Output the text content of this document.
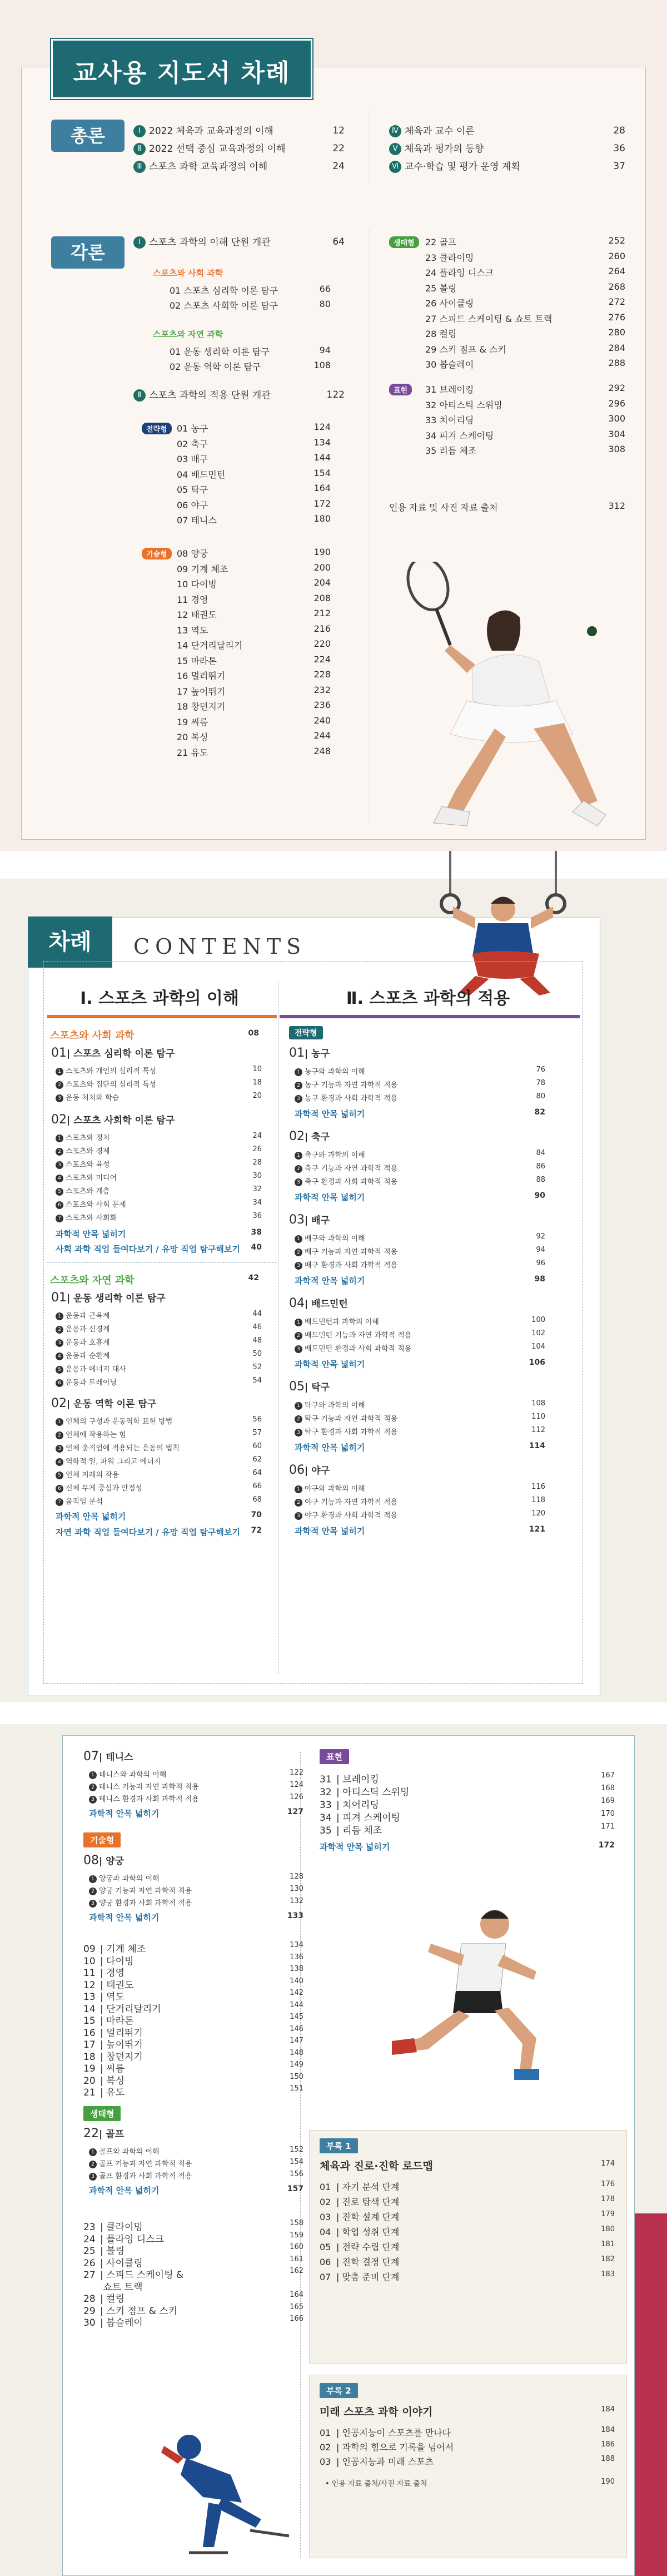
교사용 지도서 차례
총론
각론
Ⅰ 2022 체육과 교육과정의 이해	12
Ⅱ 2022 선택 중심 교육과정의 이해	22
Ⅲ 스포츠 과학 교육과정의 이해	24
Ⅳ 체육과 교수 이론	28
Ⅴ 체육과 평가의 동향	36
Ⅵ 교수·학습 및 평가 운영 계획	37
Ⅰ 스포츠 과학의 이해 단원 개관	64
스포츠와 사회 과학
01 스포츠 심리학 이론 탐구	66
02 스포츠 사회학 이론 탐구	80
스포츠와 자연 과학
01 운동 생리학 이론 탐구	94
02 운동 역학 이론 탐구	108
Ⅱ 스포츠 과학의 적용 단원 개관	122
전략형	01 농구	124
02 축구	134
03 배구	144
04 배드민턴	154
05 탁구	164
06 야구	172
07 테니스	180
기술형	08 양궁	190
09 기계 체조	200
10 다이빙	204
11 경영	208
12 태권도	212
13 역도	216
14 단거리달리기	220
15 마라톤	224
16 멀리뛰기	228
17 높이뛰기	232
18 창던지기	236
19 씨름	240
20 복싱	244
21 유도	248
생태형	22 골프	252
23 클라이밍	260
24 플라잉 디스크	264
25 볼링	268
26 사이클링	272
27 스피드 스케이팅 & 쇼트 트랙	276
28 컬링	280
29 스키 점프 & 스키	284
30 봅슬레이	288
표현	31 브레이킹	292
32 아티스틱 스위밍	296
33 치어리딩	300
34 피겨 스케이팅	304
35 리듬 체조	308
인용 자료 및 사진 자료 출처	312
차례	CONTENTS
Ⅰ. 스포츠 과학의 이해	Ⅱ. 스포츠 과학의 적용
스포츠와 사회 과학	08
01| 스포츠 심리학 이론 탐구
1 스포츠와 개인의 심리적 특성	10
2 스포츠와 집단의 심리적 특성	18
3 운동 처치와 학습	20
02| 스포츠 사회학 이론 탐구
1 스포츠와 정치	24
2 스포츠와 경제	26
3 스포츠와 육성	28
4 스포츠와 미디어	30
5 스포츠와 계층	32
6 스포츠와 사회 문제	34
7 스포츠와 사회화	36
과학적 안목 넓히기	38
사회 과학 직업 들여다보기 / 유망 직업 탐구해보기	40
스포츠와 자연 과학	42
01| 운동 생리학 이론 탐구
1 운동과 근육계	44
2 운동과 신경계	46
3 운동과 호흡계	48
4 운동과 순환계	50
5 운동과 에너지 대사	52
6 운동과 트레이닝	54
02| 운동 역학 이론 탐구
1 인체의 구성과 운동역학 표현 방법	56
2 인체에 작용하는 힘	57
3 인체 움직임에 적용되는 운동의 법칙	60
4 역학적 일, 파워 그리고 에너지	62
5 인체 지레의 작용	64
6 신체 무게 중심과 안정성	66
7 움직임 분석	68
과학적 안목 넓히기	70
자연 과학 직업 들여다보기 / 유망 직업 탐구해보기	72
전략형
01| 농구
1 농구와 과학의 이해	76
2 농구 기능과 자연 과학적 적용	78
3 농구 환경과 사회 과학적 적용	80
과학적 안목 넓히기	82
02| 축구
1 축구와 과학의 이해	84
2 축구 기능과 자연 과학적 적용	86
3 축구 환경과 사회 과학적 적용	88
과학적 안목 넓히기	90
03| 배구
1 배구와 과학의 이해	92
2 배구 기능과 자연 과학적 적용	94
3 배구 환경과 사회 과학적 적용	96
과학적 안목 넓히기	98
04| 배드민턴
1 배드민턴과 과학의 이해	100
2 배드민턴 기능과 자연 과학적 적용	102
3 배드민턴 환경과 사회 과학적 적용	104
과학적 안목 넓히기	106
05| 탁구
1 탁구와 과학의 이해	108
2 탁구 기능과 자연 과학적 적용	110
3 탁구 환경과 사회 과학적 적용	112
과학적 안목 넓히기	114
06| 야구
1 야구와 과학의 이해	116
2 야구 기능과 자연 과학적 적용	118
3 야구 환경과 사회 과학적 적용	120
과학적 안목 넓히기	121
07| 테니스
1 테니스와 과학의 이해	122
2 테니스 기능과 자연 과학적 적용	124
3 테니스 환경과 사회 과학적 적용	126
과학적 안목 넓히기	127
기술형
08| 양궁
1 양궁과 과학의 이해	128
2 양궁 기능과 자연 과학적 적용	130
3 양궁 환경과 사회 과학적 적용	132
과학적 안목 넓히기	133
09 | 기계 체조	134
10 | 다이빙	136
11 | 경영	138
12 | 태권도	140
13 | 역도	142
14 | 단거리달리기	144
15 | 마라톤	145
16 | 멀리뛰기	146
17 | 높이뛰기	147
18 | 창던지기	148
19 | 씨름	149
20 | 복싱	150
21 | 유도	151
생태형
22| 골프
1 골프와 과학의 이해	152
2 골프 기능과 자연 과학적 적용	154
3 골프 환경과 사회 과학적 적용	156
과학적 안목 넓히기	157
23 | 클라이밍	158
24 | 플라잉 디스크	159
25 | 볼링	160
26 | 사이클링	161
27 | 스피드 스케이팅 &	162
쇼트 트랙
28 | 컬링	164
29 | 스키 점프 & 스키	165
30 | 봅슬레이	166
표현
31 | 브레이킹	167
32 | 아티스틱 스위밍	168
33 | 치어리딩	169
34 | 피겨 스케이팅	170
35 | 리듬 체조	171
과학적 안목 넓히기	172
부록 1
체육과 진로·진학 로드맵	174
01 | 자기 분석 단계	176
02 | 진로 탐색 단계	178
03 | 진학 설계 단계	179
04 | 학업 성취 단계	180
05 | 전략 수립 단계	181
06 | 진학 결정 단계	182
07 | 맞춤 준비 단계	183
부록 2
미래 스포츠 과학 이야기	184
01 | 인공지능이 스포츠를 만나다	184
02 | 과학의 힘으로 기록을 넘어서	186
03 | 인공지능과 미래 스포츠	188
• 인용 자료 출처/사진 자료 출처	190
